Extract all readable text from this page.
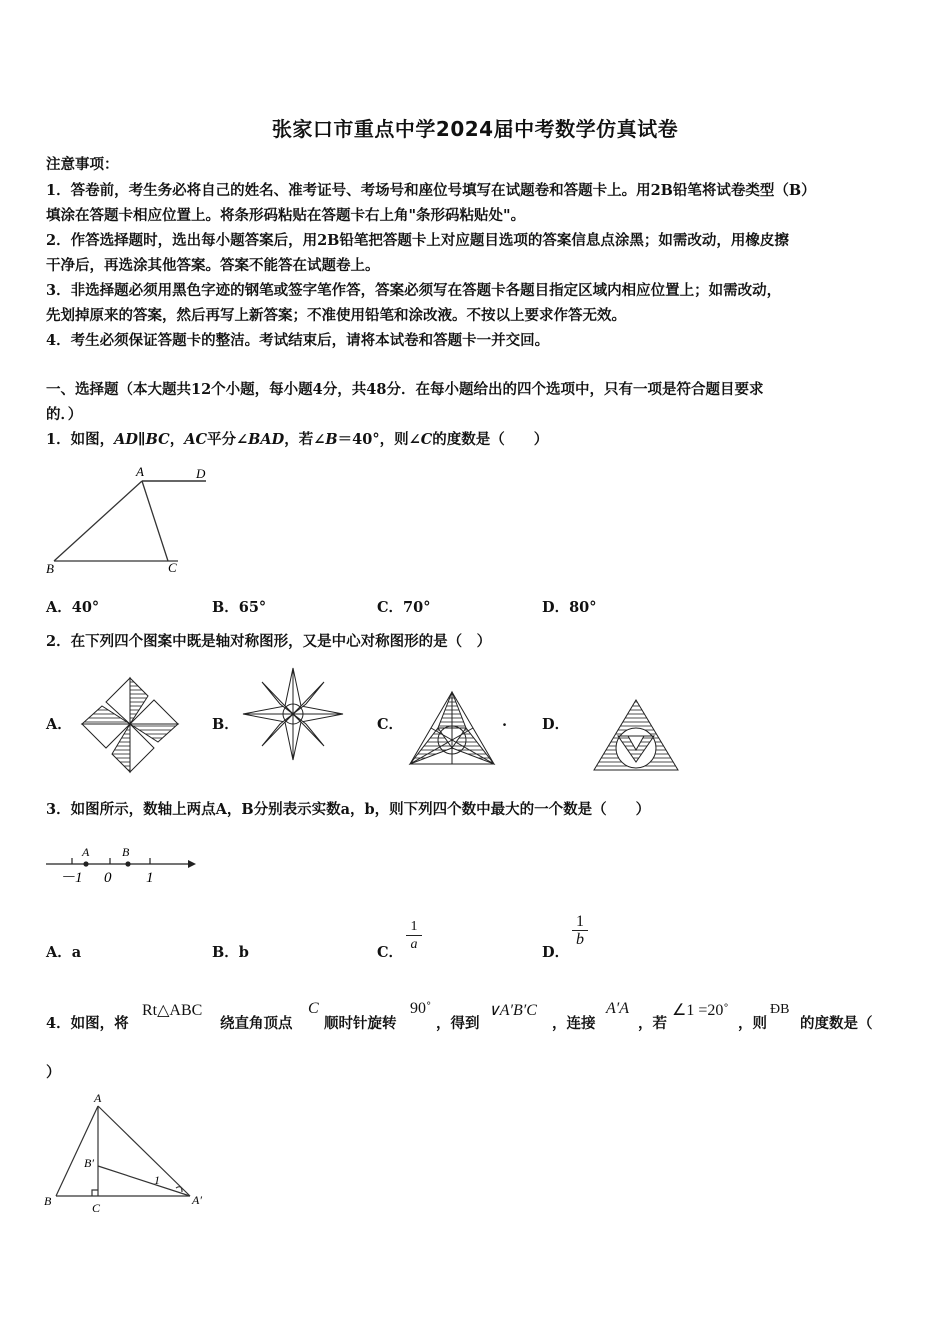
张家口市重点中学2024届中考数学仿真试卷
注意事项：
1．答卷前，考生务必将自己的姓名、准考证号、考场号和座位号填写在试题卷和答题卡上。用2B铅笔将试卷类型（B）
填涂在答题卡相应位置上。将条形码粘贴在答题卡右上角"条形码粘贴处"。
2．作答选择题时，选出每小题答案后，用2B铅笔把答题卡上对应题目选项的答案信息点涂黑；如需改动，用橡皮擦
干净后，再选涂其他答案。答案不能答在试题卷上。
3．非选择题必须用黑色字迹的钢笔或签字笔作答，答案必须写在答题卡各题目指定区域内相应位置上；如需改动，
先划掉原来的答案，然后再写上新答案；不准使用铅笔和涂改液。不按以上要求作答无效。
4．考生必须保证答题卡的整洁。考试结束后，请将本试卷和答题卡一并交回。
一、选择题（本大题共12个小题，每小题4分，共48分．在每小题给出的四个选项中，只有一项是符合题目要求
的．）
1．如图，AD∥BC，AC平分∠BAD，若∠B＝40°，则∠C的度数是（　　）
A	D
B	C
A．40°	B．65°	C．70°	D．80°
2．在下列四个图案中既是轴对称图形，又是中心对称图形的是（　）
A．	B．	C．	. D．
3．如图所示，数轴上两点A，B分别表示实数a，b，则下列四个数中最大的一个数是（　　）
A	B
－1 0 1
A．a	B．b	C． $\frac{1}{a}$	D．
$\frac{1}{b}$
4．如图，将
Rt△ABC
绕直角顶点
C
顺时针旋转
90˚
，得到
∨A′B′C
，连接
A′A
，若
∠1 =20˚
，则
ÐB
的度数是（
）
A
B′
1
B	C
A′
